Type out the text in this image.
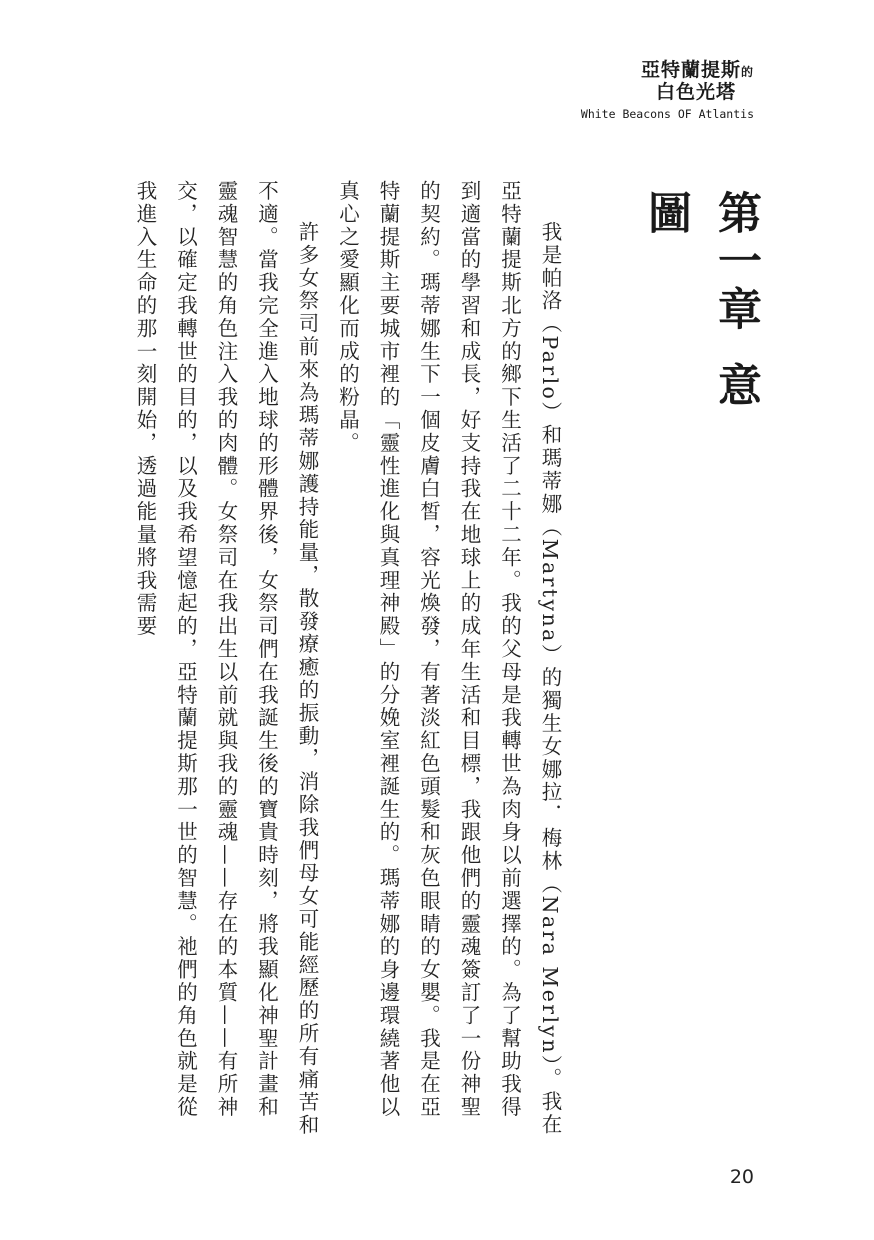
亞特蘭提斯的
白色光塔
White Beacons OF Atlantis
第一章意圖

我是帕洛（Parlo）和瑪蒂娜（Martyna）的獨生女娜拉．梅林（Nara Merlyn）。我在亞特蘭提斯北方的鄉下生活了二十二年。我的父母是我轉世為肉身以前選擇的。為了幫助我得到適當的學習和成長，好支持我在地球上的成年生活和目標，我跟他們的靈魂簽訂了一份神聖的契約。瑪蒂娜生下一個皮膚白皙，容光煥發，有著淡紅色頭髮和灰色眼睛的女嬰。我是在亞特蘭提斯主要城市裡的「靈性進化與真理神殿」的分娩室裡誕生的。瑪蒂娜的身邊環繞著他以真心之愛顯化而成的粉晶。

許多女祭司前來為瑪蒂娜護持能量，散發療癒的振動，消除我們母女可能經歷的所有痛苦和不適。當我完全進入地球的形體界後，女祭司們在我誕生後的寶貴時刻，將我顯化神聖計畫和靈魂智慧的角色注入我的肉體。女祭司在我出生以前就與我的靈魂——存在的本質——有所神交，以確定我轉世的目的，以及我希望憶起的，亞特蘭提斯那一世的智慧。祂們的角色就是從我進入生命的那一刻開始，透過能量將我需要

20
